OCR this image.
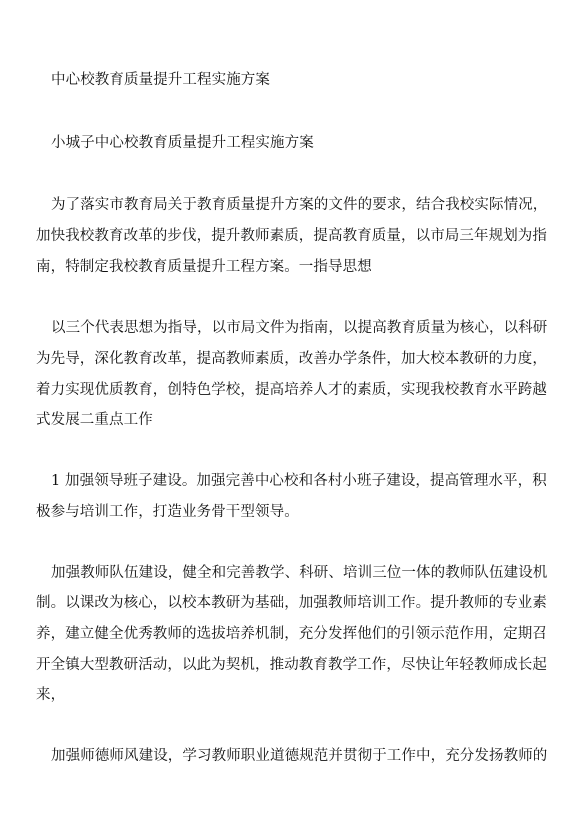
中心校教育质量提升工程实施方案
小城子中心校教育质量提升工程实施方案
为了落实市教育局关于教育质量提升方案的文件的要求，结合我校实际情况，
加快我校教育改革的步伐，提升教师素质，提高教育质量，以市局三年规划为指
南，特制定我校教育质量提升工程方案。一指导思想
以三个代表思想为指导，以市局文件为指南，以提高教育质量为核心，以科研
为先导，深化教育改革，提高教师素质，改善办学条件，加大校本教研的力度，
着力实现优质教育，创特色学校，提高培养人才的素质，实现我校教育水平跨越
式发展二重点工作
1 加强领导班子建设。加强完善中心校和各村小班子建设，提高管理水平，积
极参与培训工作，打造业务骨干型领导。
加强教师队伍建设，健全和完善教学、科研、培训三位一体的教师队伍建设机
制。以课改为核心，以校本教研为基础，加强教师培训工作。提升教师的专业素
养，建立健全优秀教师的选拔培养机制，充分发挥他们的引领示范作用，定期召
开全镇大型教研活动，以此为契机，推动教育教学工作，尽快让年轻教师成长起
来，
加强师德师风建设，学习教师职业道德规范并贯彻于工作中，充分发扬教师的
